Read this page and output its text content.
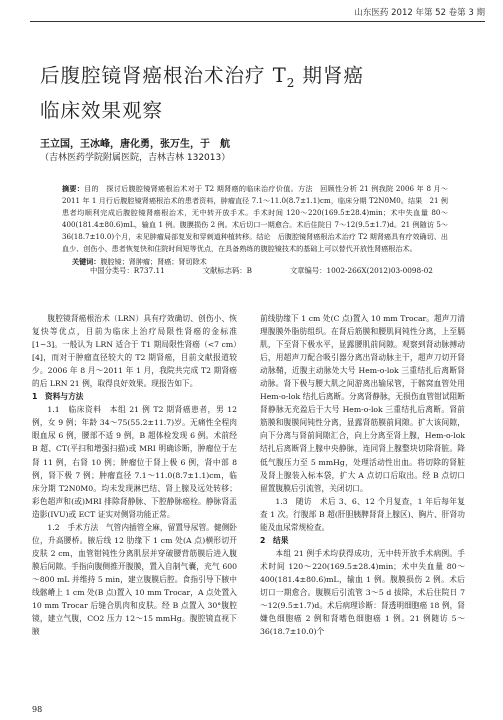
山东医药 2012 年第 52 卷第 3 期
后腹腔镜肾癌根治术治疗 $T_2$ 期肾癌
临床效果观察
王立国，王冰峰，唐化勇，张万生，于　航
（吉林医药学院附属医院，吉林吉林 132013）

摘要：目的　探讨后腹腔镜肾癌根治术对于 T2 期肾癌的临床治疗价值。方法　回顾性分析 21 例我院 2006 年 8 月～2011 年 1 月行后腹腔镜肾癌根治术的患者资料，肿瘤直径 7.1～11.0(8.7±1.1)cm，临床分期 T2N0M0。结果　21 例患者均顺利完成后腹腔镜肾癌根治术，无中转开放手术。手术时间 120～220(169.5±28.4)min；术中失血量 80～400(181.4±80.6)mL，输血 1 例。腹膜损伤 2 例。术后切口一期愈合。术后住院日 7～12(9.5±1.7)d。21 例随访 5～36(18.7±10.0)个月，未见肿瘤局部复发和穿刺道种植转移。结论　后腹腔镜肾癌根治术治疗 T2 期肾癌具有疗效确切、出血少、创伤小、患者恢复快和住院时间短等优点，在具备熟练的腹腔镜技术的基础上可以替代开放性肾癌根治术。

关键词：腹腔镜；肾肿瘤；肾癌；肾切除术

中国分类号：R737.11	文献标志码：B	文章编号：1002-266X(2012)03-0098-02

腹腔镜肾癌根治术（LRN）具有疗效确切、创伤小、恢复快等优点，目前为临床上治疗局限性肾癌的金标准[1~3]。一般认为 LRN 适合于 T1 期局限性肾癌（<7 cm）[4]，而对于肿瘤直径较大的 T2 期肾癌，目前文献报道较少。2006 年 8 月～2011 年 1 月，我院共完成 T2 期肾癌的后 LRN 21 例，取得良好效果。现报告如下。

1　资料与方法

1.1　临床资料　本组 21 例 T2 期肾癌患者，男 12 例，女 9 例；年龄 34～75(55.2±11.7)岁。无痛性全程肉眼血尿 6 例，腰部不适 9 例，B 超体检发现 6 例。术前经 B 超、CT(平扫和增强扫描)或 MRI 明确诊断，肿瘤位于左肾 11 例，右肾 10 例；肿瘤位于肾上极 6 例，肾中部 8 例，肾下极 7 例；肿瘤直径 7.1～11.0(8.7±1.1)cm，临床分期 T2N0M0。均未发现淋巴结、肾上腺及远处转移；彩色超声和(或)MRI 排除肾静脉、下腔静脉癌栓。静脉肾盂造影(IVU)或 ECT 证实对侧肾功能正常。

1.2　手术方法　气管内插管全麻，留置导尿管。健侧卧位，升高腰桥。腋后线 12 肋缘下 1 cm 处(A 点)横形切开皮肤 2 cm，血管钳钝性分离肌层并穿破腰背筋膜后进入腹膜后间隙。手指向腹侧推开腹膜，置入自制气囊，充气 600～800 mL 并维持 5 min，建立腹膜后腔。食指引导下腋中线髂嵴上 1 cm 处(B 点)置入 10 mm Trocar，A 点处置入 10 mm Trocar 后缝合肌肉和皮肤。经 B 点置入 30°腹腔镜，建立气腹，CO2 压力 12～15 mmHg。腹腔镜直视下腋

前线肋缘下 1 cm 处(C 点)置入 10 mm Trocar。超声刀清理腹膜外脂肪组织。在肾后筋膜和腰肌间钝性分离，上至膈肌，下至肾下极水平，显露腰肌前间隙。观察到肾动脉搏动后，用超声刀配合吸引器分离出肾动脉主干，超声刀切开肾动脉鞘，近腹主动脉处大号 Hem-o-lok 三重结扎后离断肾动脉。肾下极与腰大肌之间游离出输尿管，于髂窝血管处用 Hem-o-lok 结扎后离断。分离肾静脉，无损伤血管钳试阻断肾静脉无充盈后于大号 Hem-o-lok 三重结扎后离断。肾前筋膜和腹膜间钝性分离，显露肾筋膜前间隙。扩大该间隙，向下分离与肾前间隙汇合，向上分离至肾上腺，Hem-o-lok 结扎后离断肾上腺中央静脉，连同肾上腺整块切除肾脏。降低气腹压力至 5 mmHg，处理活动性出血。将切除的肾脏及肾上腺装入标本袋，扩大 A 点切口后取出。经 B 点切口留置腹膜后引流管，关闭切口。

1.3　随访　术后 3、6、12 个月复查，1 年后每年复查 1 次。行腹部 B 超(肝胆胰脾肾肾上腺区)、胸片、肝肾功能及血尿常规检查。

2　结果

本组 21 例手术均获得成功，无中转开放手术病例。手术时间 120～220(169.5±28.4)min；术中失血量 80～400(181.4±80.6)mL，输血 1 例。腹膜损伤 2 例。术后切口一期愈合。腹膜后引流管 3～5 d 拔除，术后住院日 7～12(9.5±1.7)d。术后病理诊断：肾透明细胞癌 18 例，肾嫌色细胞癌 2 例和肾嗜色细胞癌 1 例。21 例随访 5～36(18.7±10.0)个

98
